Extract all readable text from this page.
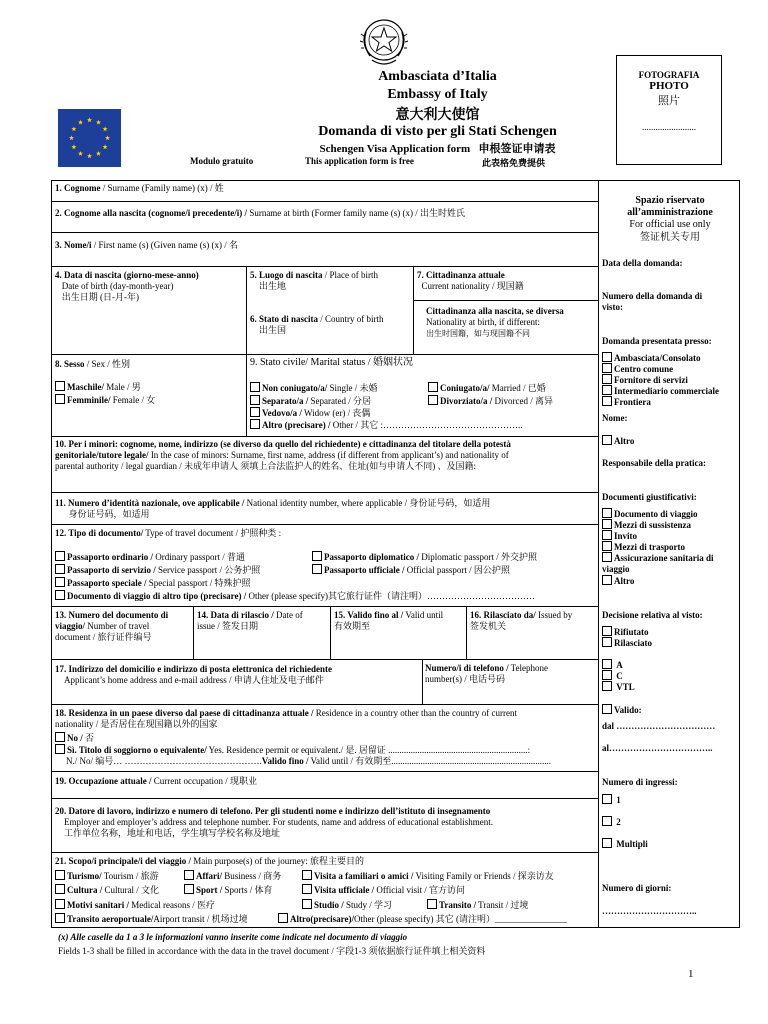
Ambasciata d’Italia
Embassy of Italy
意大利大使馆
Domanda di visto per gli Stati Schengen
Schengen Visa Application form 申根签证申请表
Modulo gratuito	This application form is free	此表格免费提供
FOTOGRAFIA
PHOTO
照片
........................
1. Cognome / Surname (Family name) (x) / 姓
2. Cognome alla nascita (cognome/i precedente/i) / Surname at birth (Former family name (s) (x) / 出生时姓氏
3. Nome/i / First name (s) (Given name (s) (x) / 名
4. Data di nascita (giorno-mese-anno)
Date of birth (day-month-year)
出生日期 (日-月-年)
5. Luogo di nascita / Place of birth
出生地
6. Stato di nascita / Country of birth
出生国
7. Cittadinanza attuale
Current nationality / 现国籍
Cittadinanza alla nascita, se diversa
Nationality at birth, if different:
出生时国籍，如与现国籍不同
8. Sesso / Sex / 性别
Maschile/ Male / 男
Femminile/ Female / 女
9. Stato civile/ Marital status / 婚姻状况
Non coniugato/a/ Single / 未婚	Coniugato/a/ Married / 已婚
Separato/a / Separated / 分居	Divorziato/a / Divorced / 离异
Vedovo/a / Widow (er) / 丧偶
Altro (precisare) / Other / 其它 :………………………………………..
10. Per i minori: cognome, nome, indirizzo (se diverso da quello del richiedente) e cittadinanza del titolare della potestà
genitoriale/tutore legale/ In the case of minors: Surname, first name, address (if different from applicant’s) and nationality of
parental authority / legal guardian / 未成年申请人 须填上合法监护人的姓名、住址(如与申请人不同) 、及国籍:
11. Numero d’identità nazionale, ove applicabile / National identity number, where applicable / 身份证号码，如适用
身份证号码，如适用
12. Tipo di documento/ Type of travel document / 护照种类 :
Passaporto ordinario / Ordinary passport / 普通	Passaporto diplomatico / Diplomatic passport / 外交护照
Passaporto di servizio / Service passport / 公务护照	Passaporto ufficiale / Official passport / 因公护照
Passaporto speciale / Special passport / 特殊护照
Documento di viaggio di altro tipo (precisare) / Other (please specify)其它旅行证件（请注明）………………………………
13. Numero del documento di
viaggio/ Number of travel
document / 旅行证件编号
14. Data di rilascio / Date of
issue / 签发日期
15. Valido fino al / Valid until
有效期至
16. Rilasciato da/ Issued by
签发机关
17. Indirizzo del domicilio e indirizzo di posta elettronica del richiedente
Applicant’s home address and e-mail address / 申请人住址及电子邮件
Numero/i di telefono / Telephone
number(s) / 电话号码
18. Residenza in un paese diverso dal paese di cittadinanza attuale / Residence in a country other than the country of current
nationality / 是否居住在现国籍以外的国家
No / 否
Sì. Titolo di soggiorno o equivalente/ Yes. Residence permit or equivalent./ 是. 居留证 ..............................................................:
N./ No/ 编号… ……………………………………….Valido fino / Valid until / 有效期至.......................................................................
19. Occupazione attuale / Current occupation / 现职业
20. Datore di lavoro, indirizzo e numero di telefono. Per gli studenti nome e indirizzo dell’istituto di insegnamento
Employer and employer’s address and telephone number. For students, name and address of educational establishment.
工作单位名称，地址和电话，学生填写学校名称及地址
21. Scopo/i principale/i del viaggio / Main purpose(s) of the journey: 旅程主要目的
Turismo/ Tourism / 旅游	Affari/ Business / 商务	Visita a familiari o amici / Visiting Family or Friends / 探亲访友
Cultura / Cultural / 文化	Sport / Sports / 体育	Visita ufficiale / Official visit / 官方访问
Motivi sanitari / Medical reasons / 医疗	Studio / Study / 学习	Transito / Transit / 过境
Transito aeroportuale/Airport transit / 机场过境	Altro(precisare)/Other (please specify) 其它 (请注明）________________
Spazio riservato
all’amministrazione
For official use only
签证机关专用
Data della domanda:
Numero della domanda di
visto:
Domanda presentata presso:
Ambasciata/Consolato
Centro comune
Fornitore di servizi
Intermediario commerciale
Frontiera
Nome:
Altro
Responsabile della pratica:
Documenti giustificativi:
Documento di viaggio
Mezzi di sussistenza
Invito
Mezzi di trasporto
Assicurazione sanitaria di
viaggio
Altro
Decisione relativa al visto:
Rifiutato
Rilasciato
A
C
VTL
Valido:
dal ……………………………
al……………………………..
Numero di ingressi:
1
2
Multipli
Numero di giorni:
…………………………..
(x) Alle caselle da 1 a 3 le informazioni vanno inserite come indicate nel documento di viaggio
Fields 1-3 shall be filled in accordance with the data in the travel document / 字段1-3 须依据旅行证件填上相关资料
1
